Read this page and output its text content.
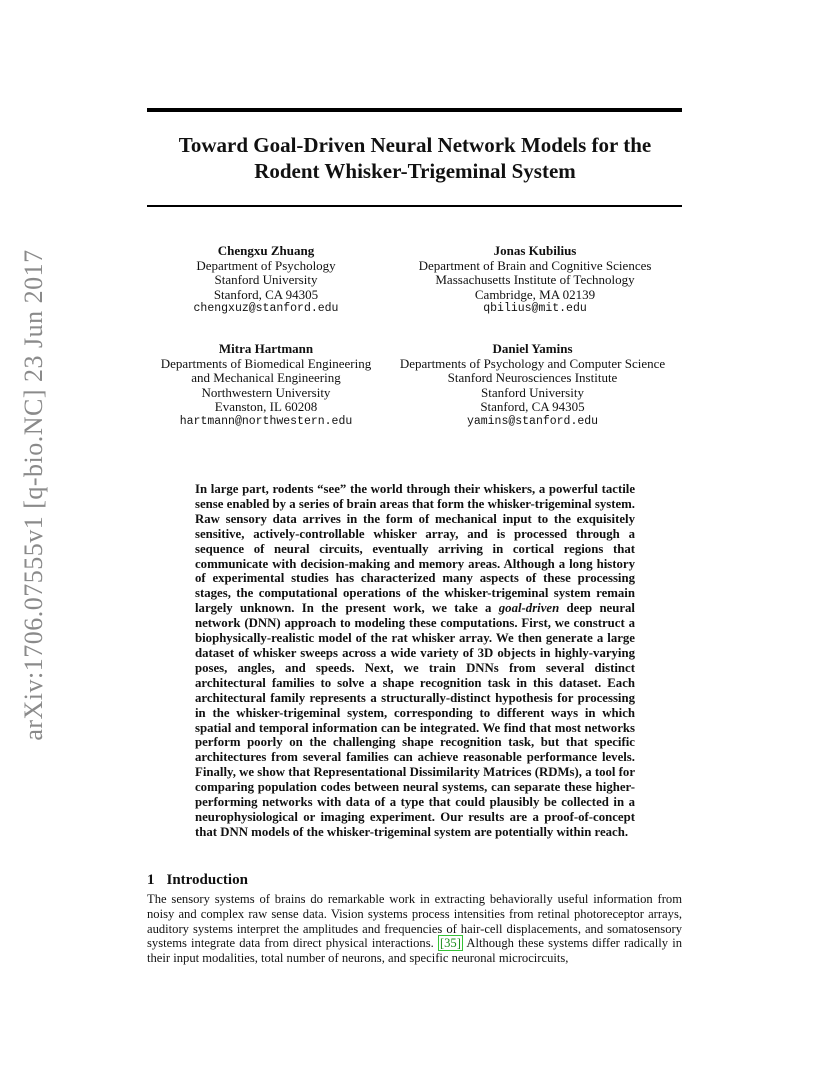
arXiv:1706.07555v1 [q-bio.NC] 23 Jun 2017
Toward Goal-Driven Neural Network Models for the
Rodent Whisker-Trigeminal System
Chengxu Zhuang
Department of Psychology
Stanford University
Stanford, CA 94305
chengxuz@stanford.edu
Jonas Kubilius
Department of Brain and Cognitive Sciences
Massachusetts Institute of Technology
Cambridge, MA 02139
qbilius@mit.edu
Mitra Hartmann
Departments of Biomedical Engineering
and Mechanical Engineering
Northwestern University
Evanston, IL 60208
hartmann@northwestern.edu
Daniel Yamins
Departments of Psychology and Computer Science
Stanford Neurosciences Institute
Stanford University
Stanford, CA 94305
yamins@stanford.edu

In large part, rodents “see” the world through their whiskers, a powerful tactile sense enabled by a series of brain areas that form the whisker-trigeminal system. Raw sensory data arrives in the form of mechanical input to the exquisitely sensitive, actively-controllable whisker array, and is processed through a sequence of neural circuits, eventually arriving in cortical regions that communicate with decision-making and memory areas. Although a long history of experimental studies has characterized many aspects of these processing stages, the computational operations of the whisker-trigeminal system remain largely unknown. In the present work, we take a goal-driven deep neural network (DNN) approach to modeling these computations. First, we construct a biophysically-realistic model of the rat whisker array. We then generate a large dataset of whisker sweeps across a wide variety of 3D objects in highly-varying poses, angles, and speeds. Next, we train DNNs from several distinct architectural families to solve a shape recognition task in this dataset. Each architectural family represents a structurally-distinct hypothesis for processing in the whisker-trigeminal system, corresponding to different ways in which spatial and temporal information can be integrated. We find that most networks perform poorly on the challenging shape recognition task, but that specific architectures from several families can achieve reasonable performance levels. Finally, we show that Representational Dissimilarity Matrices (RDMs), a tool for comparing population codes between neural systems, can separate these higher-performing networks with data of a type that could plausibly be collected in a neurophysiological or imaging experiment. Our results are a proof-of-concept that DNN models of the whisker-trigeminal system are potentially within reach.

1 Introduction

The sensory systems of brains do remarkable work in extracting behaviorally useful information from noisy and complex raw sense data. Vision systems process intensities from retinal photoreceptor arrays, auditory systems interpret the amplitudes and frequencies of hair-cell displacements, and somatosensory systems integrate data from direct physical interactions. [35] Although these systems differ radically in their input modalities, total number of neurons, and specific neuronal microcircuits,
